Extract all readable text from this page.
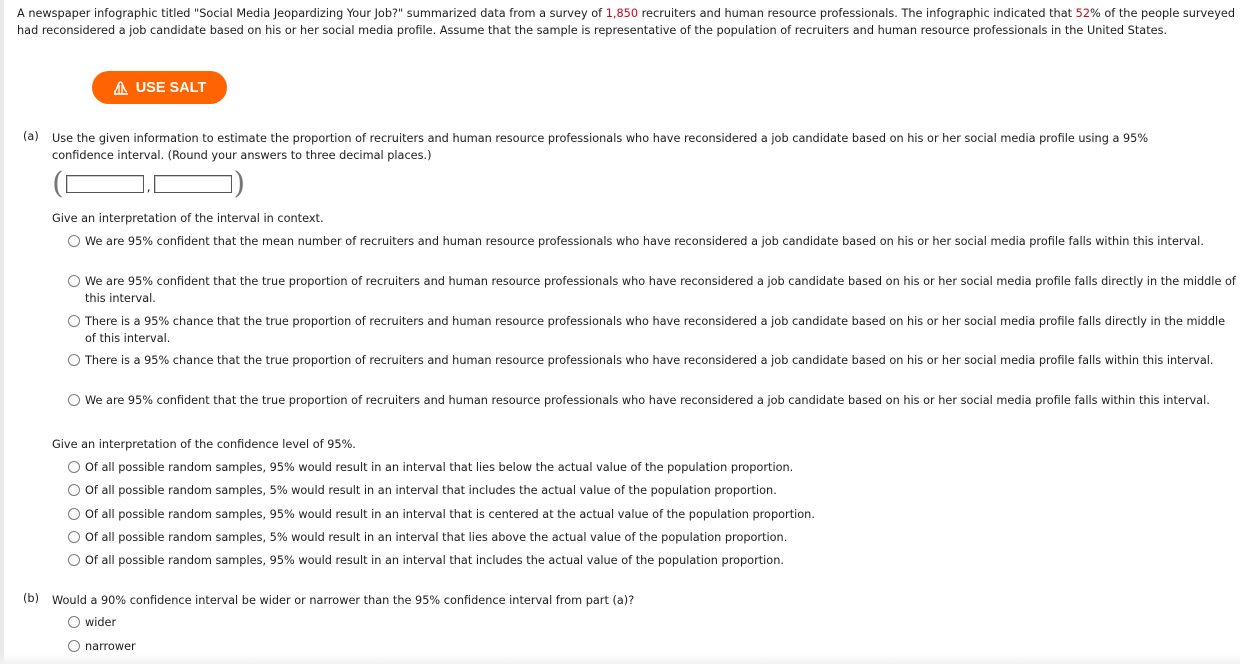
A newspaper infographic titled "Social Media Jeopardizing Your Job?" summarized data from a survey of 1,850 recruiters and human resource professionals. The infographic indicated that 52% of the people surveyed had reconsidered a job candidate based on his or her social media profile. Assume that the sample is representative of the population of recruiters and human resource professionals in the United States.
USE SALT
(a) Use the given information to estimate the proportion of recruiters and human resource professionals who have reconsidered a job candidate based on his or her social media profile using a 95% confidence interval. (Round your answers to three decimal places.)
(	,	)
Give an interpretation of the interval in context.
We are 95% confident that the mean number of recruiters and human resource professionals who have reconsidered a job candidate based on his or her social media profile falls within this interval.
We are 95% confident that the true proportion of recruiters and human resource professionals who have reconsidered a job candidate based on his or her social media profile falls directly in the middle of this interval.
There is a 95% chance that the true proportion of recruiters and human resource professionals who have reconsidered a job candidate based on his or her social media profile falls directly in the middle of this interval.
There is a 95% chance that the true proportion of recruiters and human resource professionals who have reconsidered a job candidate based on his or her social media profile falls within this interval.
We are 95% confident that the true proportion of recruiters and human resource professionals who have reconsidered a job candidate based on his or her social media profile falls within this interval.
Give an interpretation of the confidence level of 95%.
Of all possible random samples, 95% would result in an interval that lies below the actual value of the population proportion.
Of all possible random samples, 5% would result in an interval that includes the actual value of the population proportion.
Of all possible random samples, 95% would result in an interval that is centered at the actual value of the population proportion.
Of all possible random samples, 5% would result in an interval that lies above the actual value of the population proportion.
Of all possible random samples, 95% would result in an interval that includes the actual value of the population proportion.
(b) Would a 90% confidence interval be wider or narrower than the 95% confidence interval from part (a)?
wider
narrower
